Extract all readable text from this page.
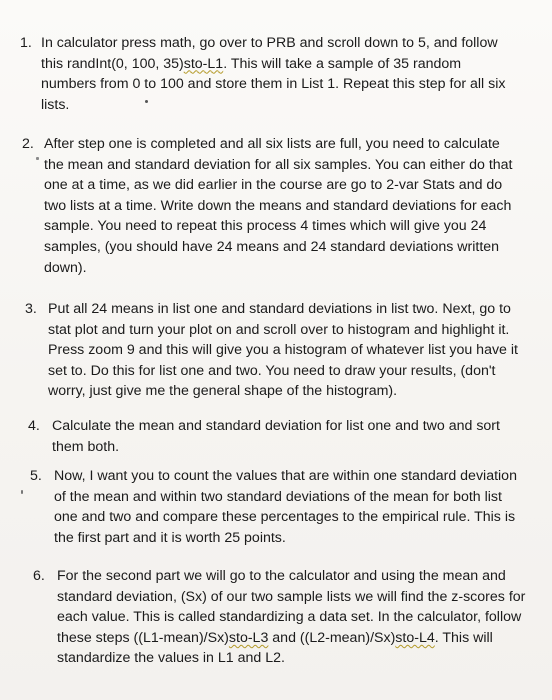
1. In calculator press math, go over to PRB and scroll down to 5, and follow
this randInt(0, 100, 35)sto-L1. This will take a sample of 35 random
numbers from 0 to 100 and store them in List 1. Repeat this step for all six
lists.
2. After step one is completed and all six lists are full, you need to calculate
the mean and standard deviation for all six samples. You can either do that
one at a time, as we did earlier in the course are go to 2-var Stats and do
two lists at a time. Write down the means and standard deviations for each
sample. You need to repeat this process 4 times which will give you 24
samples, (you should have 24 means and 24 standard deviations written
down).
3. Put all 24 means in list one and standard deviations in list two. Next, go to
stat plot and turn your plot on and scroll over to histogram and highlight it.
Press zoom 9 and this will give you a histogram of whatever list you have it
set to. Do this for list one and two. You need to draw your results, (don't
worry, just give me the general shape of the histogram).
4. Calculate the mean and standard deviation for list one and two and sort
them both.
5. Now, I want you to count the values that are within one standard deviation
of the mean and within two standard deviations of the mean for both list
one and two and compare these percentages to the empirical rule. This is
the first part and it is worth 25 points.
6. For the second part we will go to the calculator and using the mean and
standard deviation, (Sx) of our two sample lists we will find the z-scores for
each value. This is called standardizing a data set. In the calculator, follow
these steps ((L1-mean)/Sx)sto-L3 and ((L2-mean)/Sx)sto-L4. This will
standardize the values in L1 and L2.
